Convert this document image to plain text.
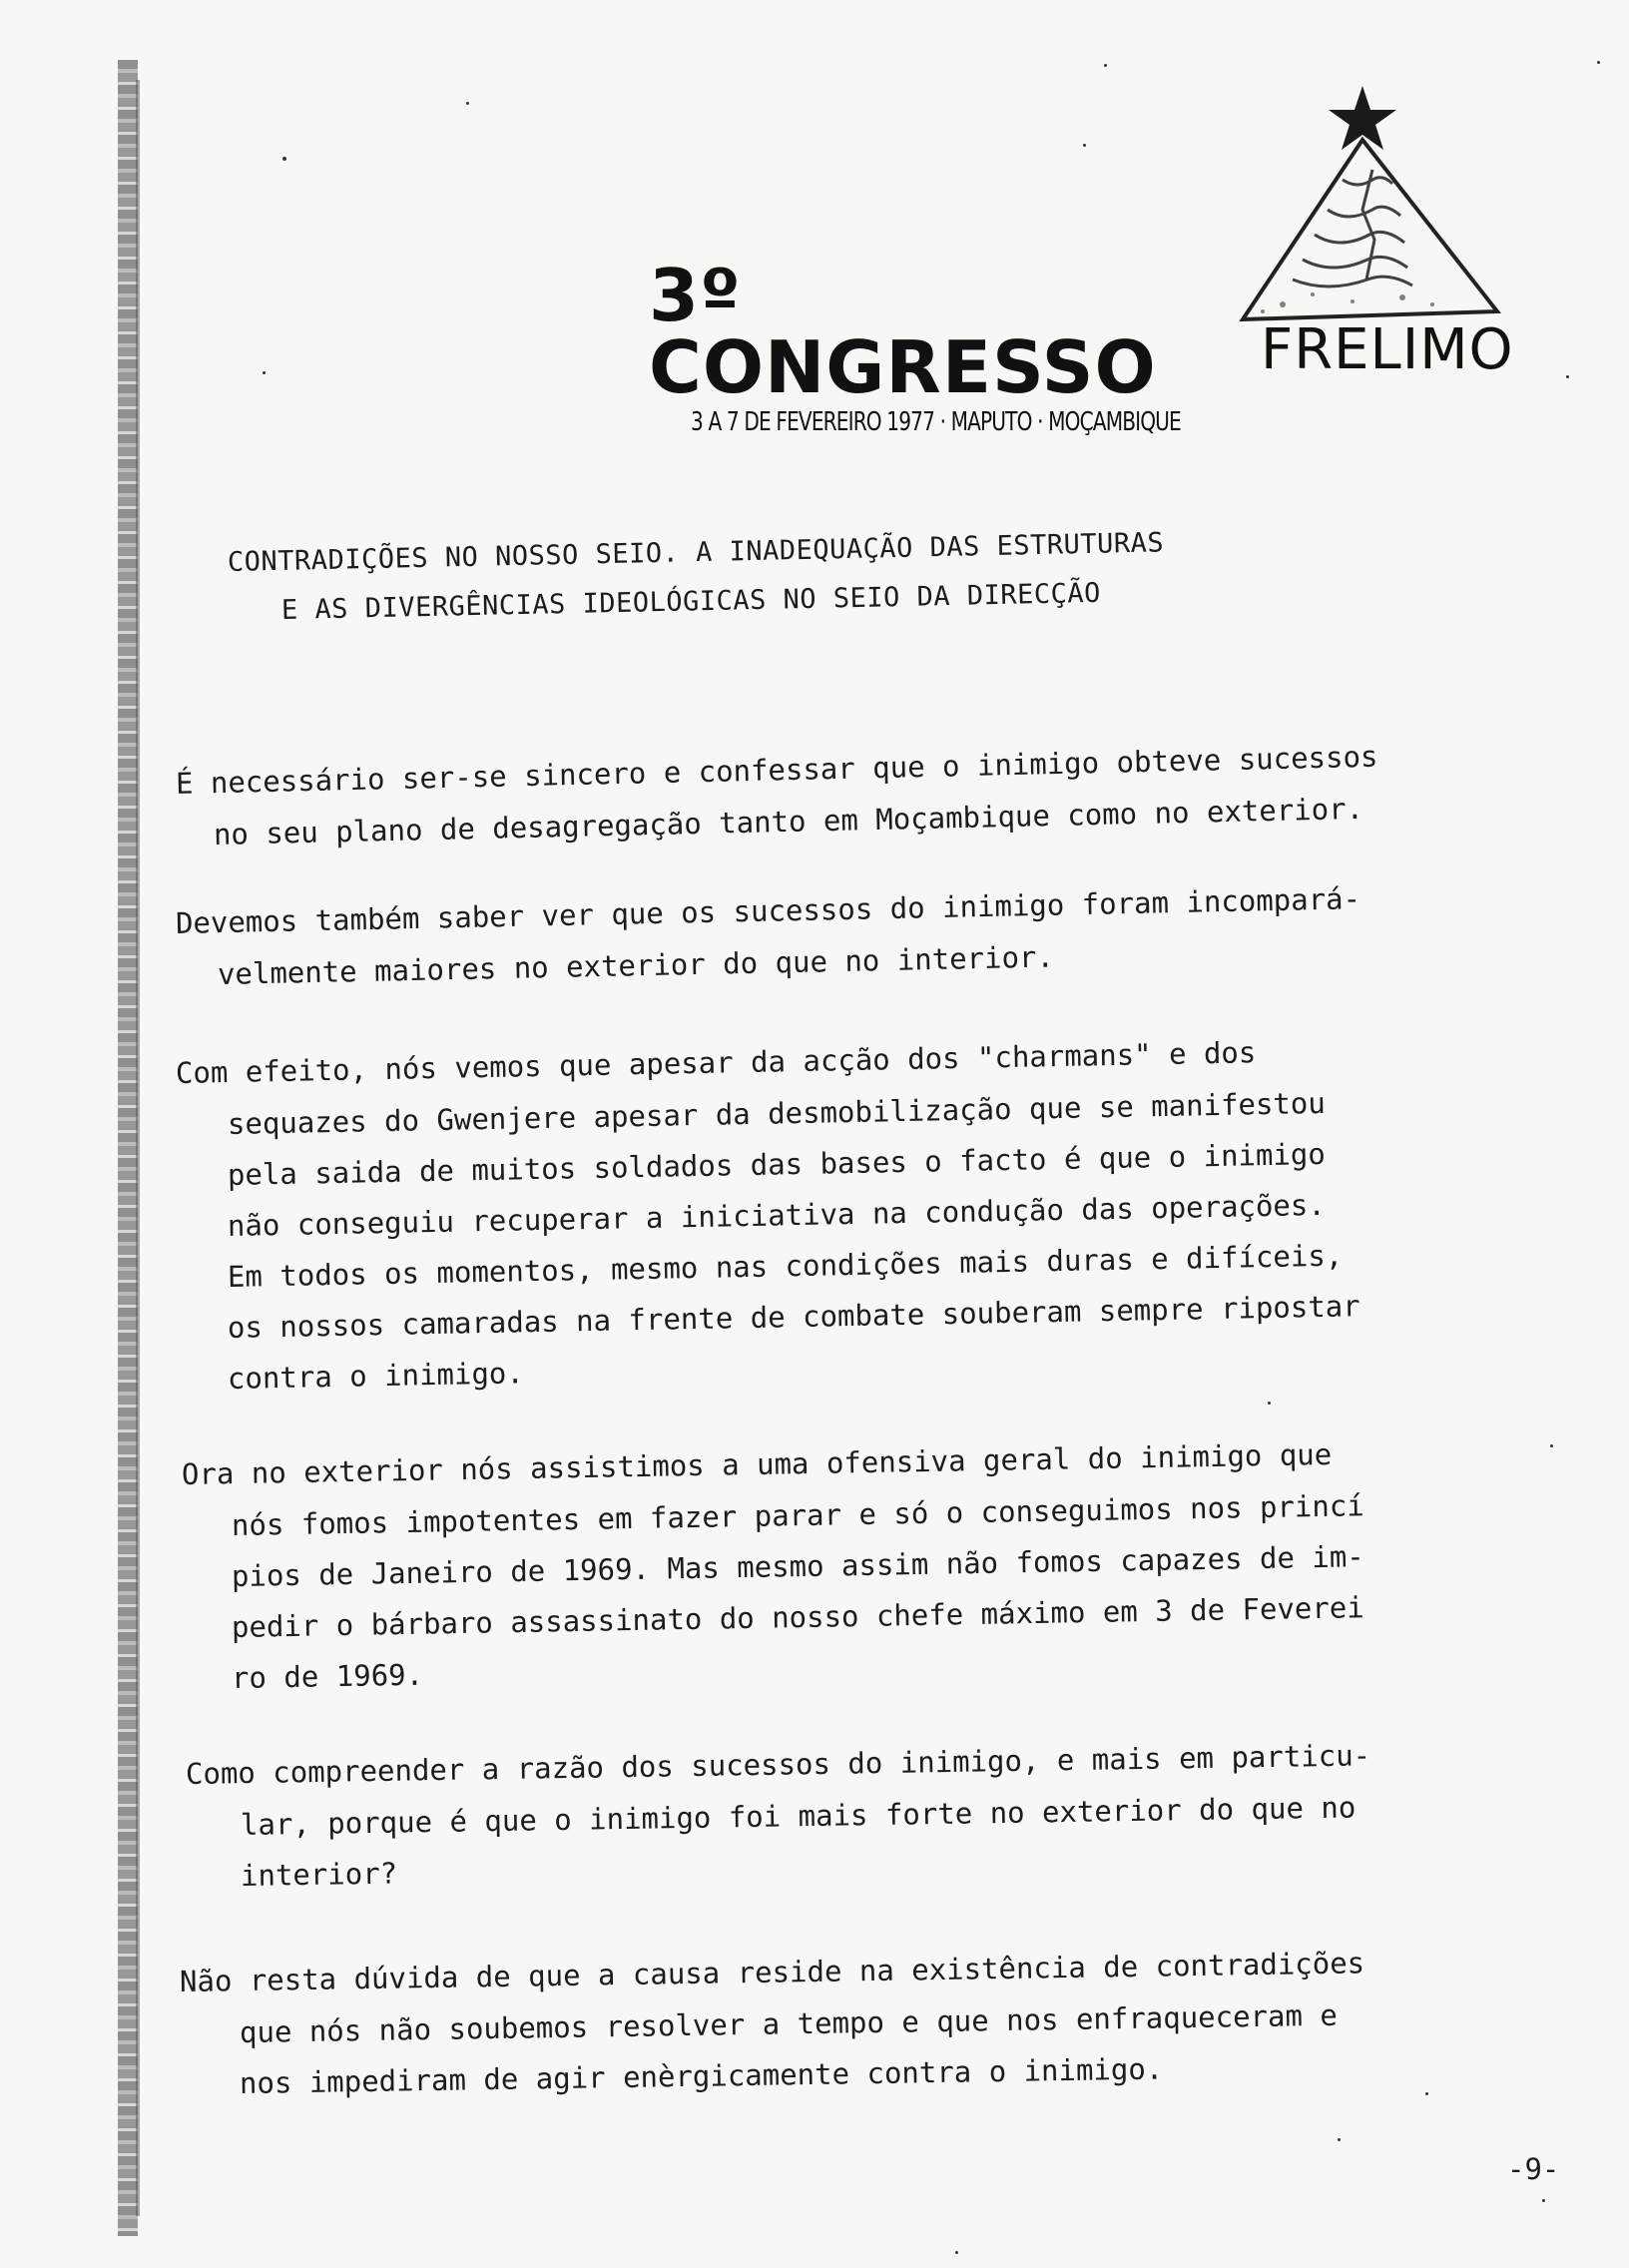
3º CONGRESSO
3 A 7 DE FEVEREIRO 1977 · MAPUTO · MOÇAMBIQUE
FRELIMO
CONTRADIÇÕES NO NOSSO SEIO. A INADEQUAÇÃO DAS ESTRUTURAS
E AS DIVERGÊNCIAS IDEOLÓGICAS NO SEIO DA DIRECÇÃO
É necessário ser-se sincero e confessar que o inimigo obteve sucessos
no seu plano de desagregação tanto em Moçambique como no exterior.
Devemos também saber ver que os sucessos do inimigo foram incompará-
velmente maiores no exterior do que no interior.
Com efeito, nós vemos que apesar da acção dos "charmans" e dos
sequazes do Gwenjere apesar da desmobilização que se manifestou
pela saida de muitos soldados das bases o facto é que o inimigo
não conseguiu recuperar a iniciativa na condução das operações.
Em todos os momentos, mesmo nas condições mais duras e difíceis,
os nossos camaradas na frente de combate souberam sempre ripostar
contra o inimigo.
Ora no exterior nós assistimos a uma ofensiva geral do inimigo que
nós fomos impotentes em fazer parar e só o conseguimos nos princí
pios de Janeiro de 1969. Mas mesmo assim não fomos capazes de im-
pedir o bárbaro assassinato do nosso chefe máximo em 3 de Feverei
ro de 1969.
Como compreender a razão dos sucessos do inimigo, e mais em particu-
lar, porque é que o inimigo foi mais forte no exterior do que no
interior?
Não resta dúvida de que a causa reside na existência de contradições
que nós não soubemos resolver a tempo e que nos enfraqueceram e
nos impediram de agir enèrgicamente contra o inimigo.
-9-
